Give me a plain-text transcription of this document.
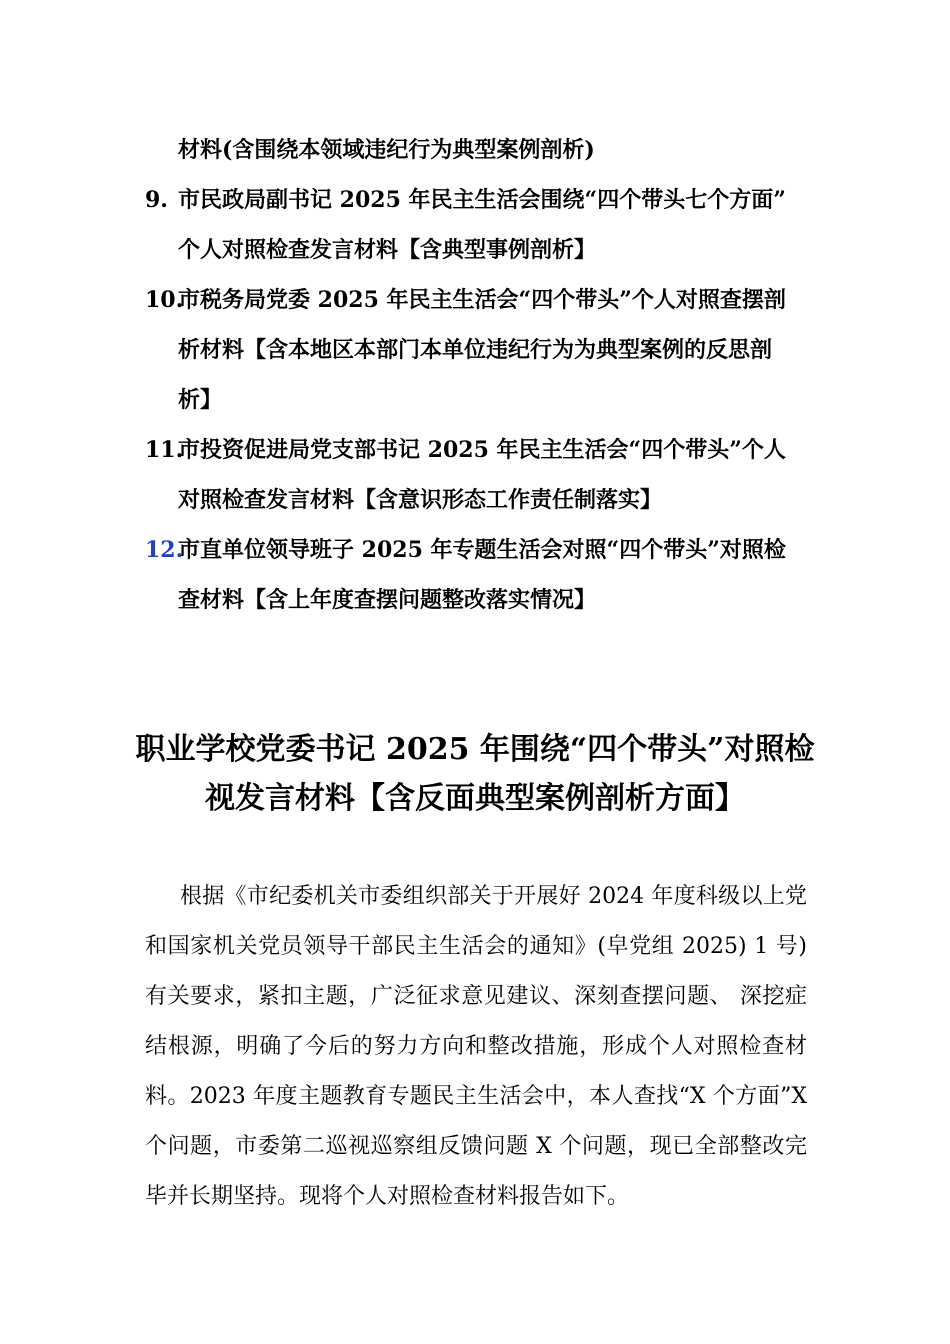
材料(含围绕本领域违纪行为典型案例剖析)
9. 市民政局副书记 2025 年民主生活会围绕“四个带头七个方面”
个人对照检查发言材料【含典型事例剖析】
10.
市税务局党委 2025 年民主生活会“四个带头”个人对照查摆剖
析材料【含本地区本部门本单位违纪行为为典型案例的反思剖
析】
11.
市投资促进局党支部书记 2025 年民主生活会“四个带头”个人
对照检查发言材料【含意识形态工作责任制落实】
12.
市直单位领导班子 2025 年专题生活会对照“四个带头”对照检
查材料【含上年度查摆问题整改落实情况】
职业学校党委书记 2025 年围绕“四个带头”对照检
视发言材料【含反面典型案例剖析方面】
根据《市纪委机关市委组织部关于开展好 2024 年度科级以上党
和国家机关党员领导干部民主生活会的通知》(皁党组 2025) 1 号)
有关要求，紧扣主题，广泛征求意见建议、深刻查摆问题、 深挖症
结根源，明确了今后的努力方向和整改措施，形成个人对照检查材
料。2023 年度主题教育专题民主生活会中，本人查找“X 个方面”X
个问题，市委第二巡视巡察组反馈问题 X 个问题，现已全部整改完
毕并长期坚持。现将个人对照检查材料报告如下。
